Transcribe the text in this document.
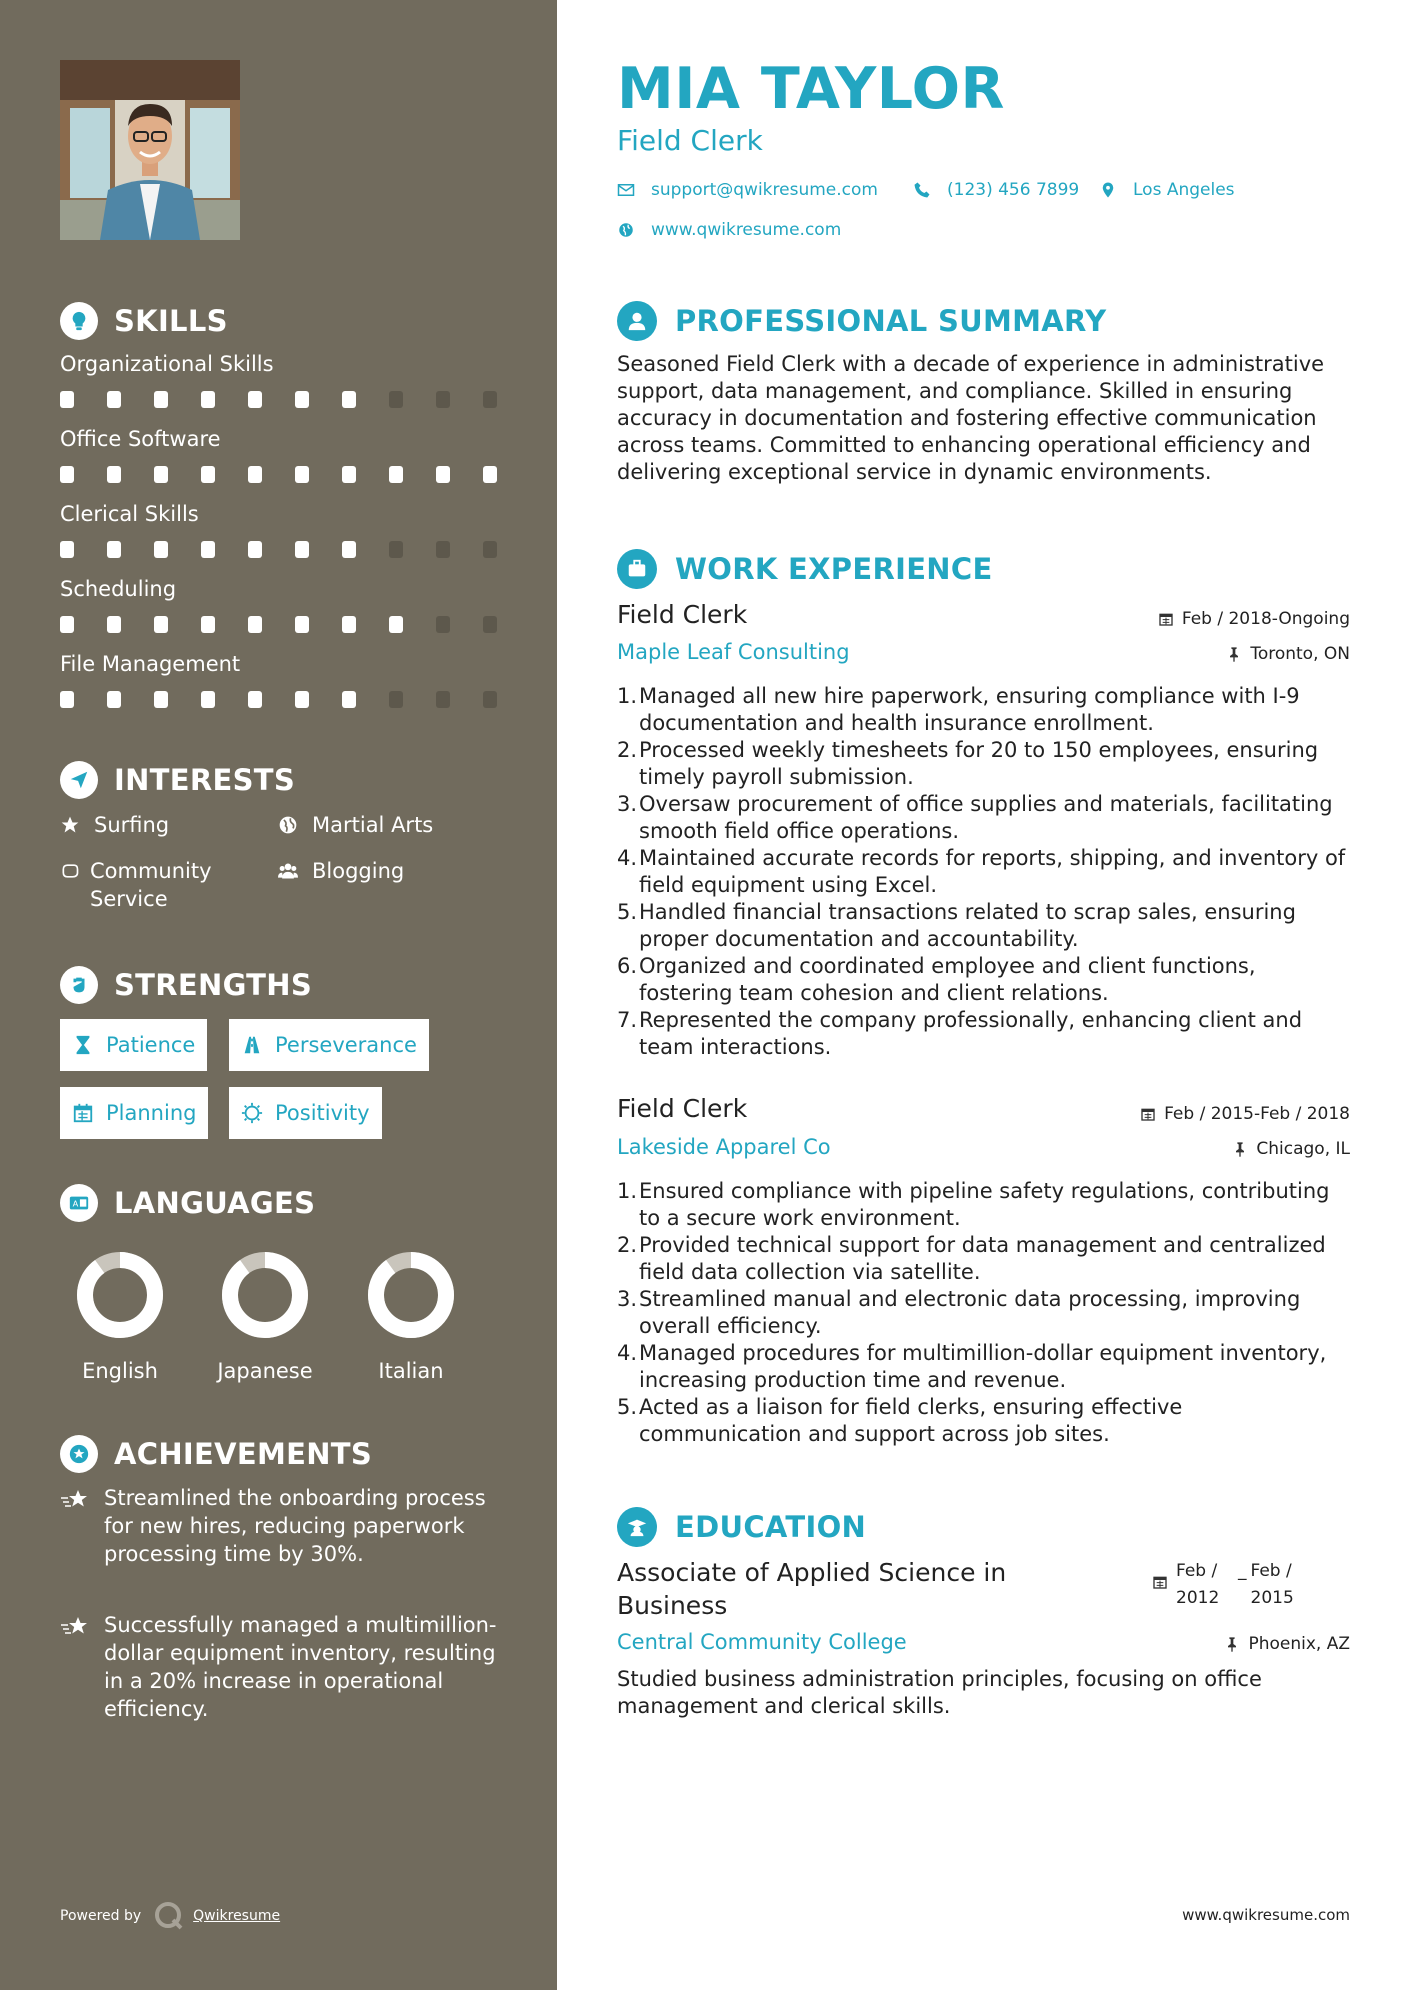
SKILLS
Organizational Skills
Office Software
Clerical Skills
Scheduling
File Management
INTERESTS
Surfing	Martial Arts
Community Service
Blogging
STRENGTHS
Patience	Perseverance
Planning	Positivity
A LANGUAGES
English	Japanese	Italian
ACHIEVEMENTS
Streamlined the onboarding process for new hires, reducing paperwork processing time by 30%.
Successfully managed a multimillion-dollar equipment inventory, resulting in a 20% increase in operational efficiency.
Powered by	Qwikresume
MIA TAYLOR
Field Clerk
support@qwikresume.com	(123) 456 7899	Los Angeles
www.qwikresume.com
PROFESSIONAL SUMMARY

Seasoned Field Clerk with a decade of experience in administrative support, data management, and compliance. Skilled in ensuring accuracy in documentation and fostering effective communication across teams. Committed to enhancing operational efficiency and delivering exceptional service in dynamic environments.

WORK EXPERIENCE
Field Clerk	Feb / 2018-Ongoing
Maple Leaf Consulting	Toronto, ON
1. Managed all new hire paperwork, ensuring compliance with I-9 documentation and health insurance enrollment.
2. Processed weekly timesheets for 20 to 150 employees, ensuring timely payroll submission.
3. Oversaw procurement of office supplies and materials, facilitating smooth field office operations.
4. Maintained accurate records for reports, shipping, and inventory of field equipment using Excel.
5. Handled financial transactions related to scrap sales, ensuring proper documentation and accountability.
6. Organized and coordinated employee and client functions, fostering team cohesion and client relations.
7. Represented the company professionally, enhancing client and team interactions.
Field Clerk	Feb / 2015-Feb / 2018
Lakeside Apparel Co	Chicago, IL
1. Ensured compliance with pipeline safety regulations, contributing to a secure work environment.
2. Provided technical support for data management and centralized field data collection via satellite.
3. Streamlined manual and electronic data processing, improving overall efficiency.
4. Managed procedures for multimillion-dollar equipment inventory, increasing production time and revenue.
5. Acted as a liaison for field clerks, ensuring effective communication and support across job sites.
EDUCATION
Associate of Applied Science in
Business
Feb /
2012
_ Feb /
2015
Central Community College	Phoenix, AZ

Studied business administration principles, focusing on office management and clerical skills.

www.qwikresume.com
